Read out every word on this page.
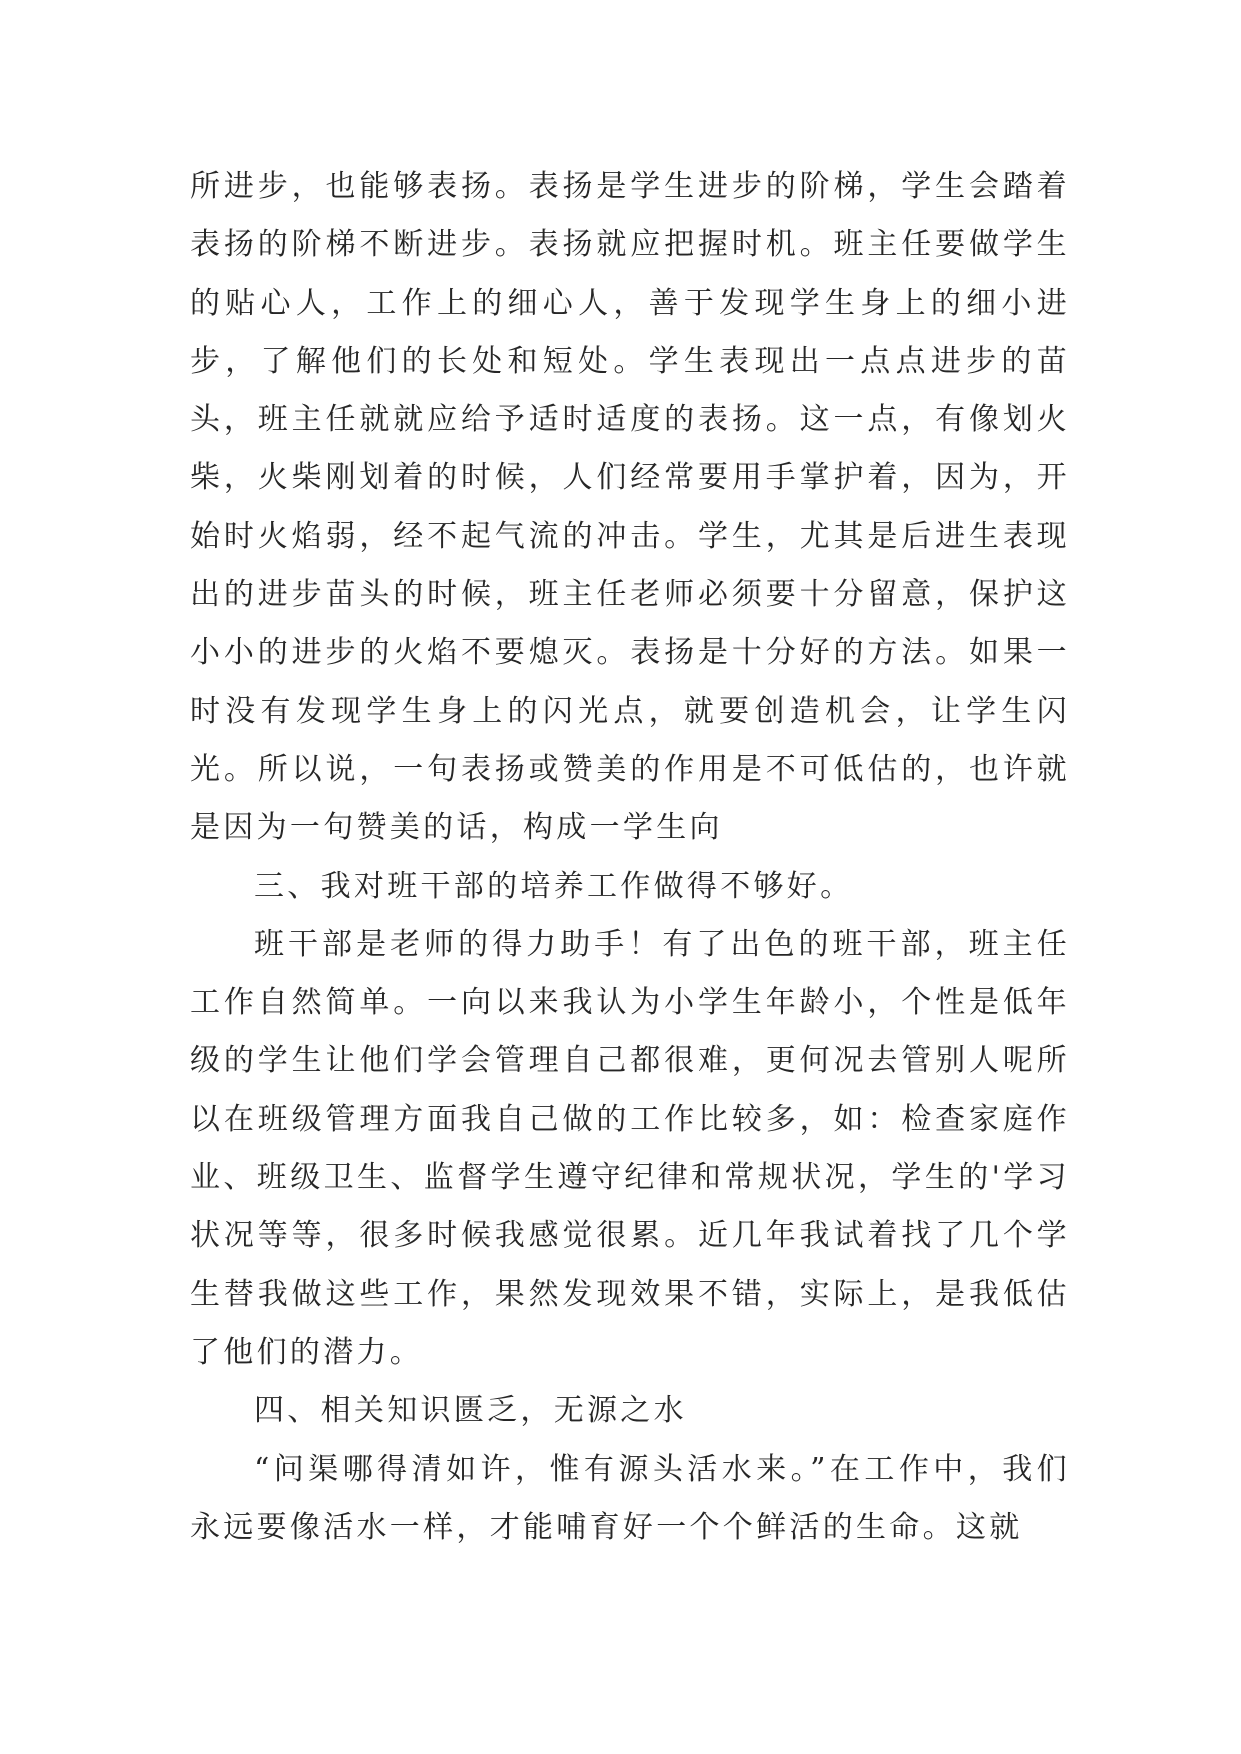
所进步，也能够表扬。表扬是学生进步的阶梯，学生会踏着表扬的阶梯不断进步。表扬就应把握时机。班主任要做学生的贴心人，工作上的细心人，善于发现学生身上的细小进步，了解他们的长处和短处。学生表现出一点点进步的苗头，班主任就就应给予适时适度的表扬。这一点，有像划火柴，火柴刚划着的时候，人们经常要用手掌护着，因为，开始时火焰弱，经不起气流的冲击。学生，尤其是后进生表现出的进步苗头的时候，班主任老师必须要十分留意，保护这小小的进步的火焰不要熄灭。表扬是十分好的方法。如果一时没有发现学生身上的闪光点，就要创造机会，让学生闪光。所以说，一句表扬或赞美的作用是不可低估的，也许就是因为一句赞美的话，构成一学生向

三、我对班干部的培养工作做得不够好。

班干部是老师的得力助手！有了出色的班干部，班主任工作自然简单。一向以来我认为小学生年龄小，个性是低年级的学生让他们学会管理自己都很难，更何况去管别人呢所以在班级管理方面我自己做的工作比较多，如：检查家庭作业、班级卫生、监督学生遵守纪律和常规状况，学生的'学习状况等等，很多时候我感觉很累。近几年我试着找了几个学生替我做这些工作，果然发现效果不错，实际上，是我低估了他们的潜力。

四、相关知识匮乏，无源之水

“问渠哪得清如许，惟有源头活水来。”在工作中，我们永远要像活水一样，才能哺育好一个个鲜活的生命。这就
